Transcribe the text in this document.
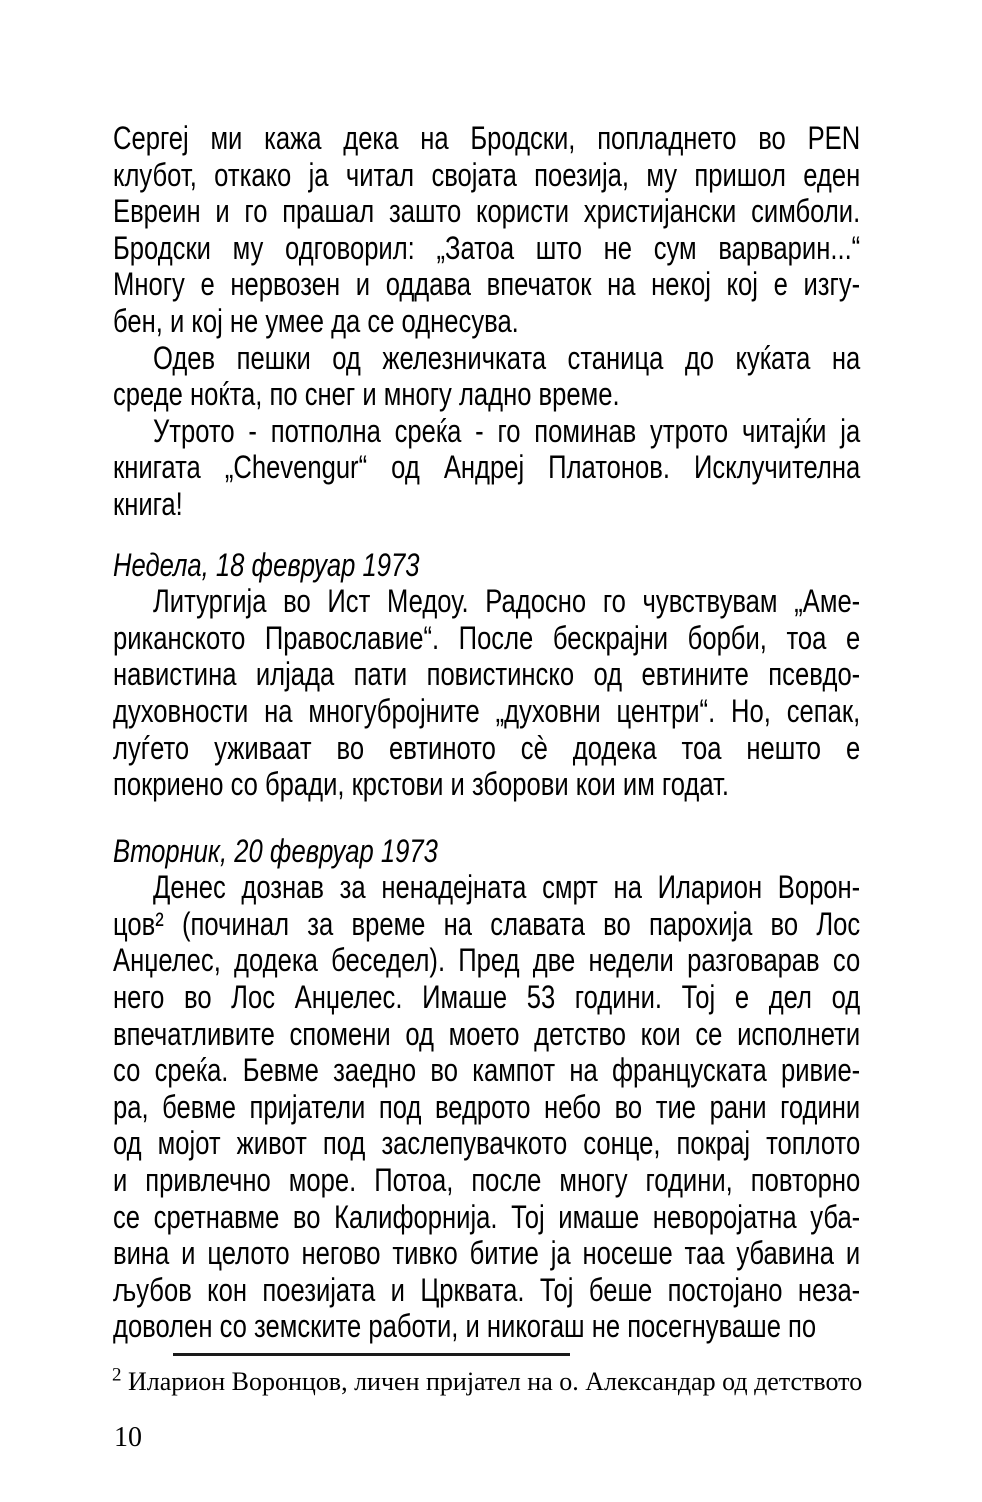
Сергеј ми кажа дека на Бродски, попладнето во PEN
клубот, откако ја читал својата поезија, му пришол еден
Евреин и го прашал зашто користи христијански симболи.
Бродски му одговорил: „Затоа што не сум варварин...“
Многу е нервозен и оддава впечаток на некој кој е изгу-
бен, и кој не умее да се однесува.
Одев пешки од железничката станица до куќата на
среде ноќта, по снег и многу ладно време.
Утрото - потполна среќа - го поминав утрото читајќи ја
книгата „Chevengur“ од Андреј Платонов. Исклучителна
книга!
Недела, 18 февруар 1973
Литургија во Ист Медоу. Радосно го чувствувам „Аме-
риканското Православие“. После бескрајни борби, тоа е
навистина илјада пати повистинско од евтините псевдо-
духовности на многубројните „духовни центри“. Но, сепак,
луѓето уживаат во евтиното сè додека тоа нешто е
покриено со бради, крстови и зборови кои им годат.
Вторник, 20 февруар 1973
Денес дознав за ненадејната смрт на Иларион Ворон-
цов² (починал за време на славата во парохија во Лос
Анџелес, додека беседел). Пред две недели разговарав со
него во Лос Анџелес. Имаше 53 години. Тој е дел од
впечатливите спомени од моето детство кои се исполнети
со среќа. Бевме заедно во кампот на француската ривие-
ра, бевме пријатели под ведрото небо во тие рани години
од мојот живот под заслепувачкото сонце, покрај топлото
и привлечно море. Потоа, после многу години, повторно
се сретнавме во Калифорнија. Тој имаше неворојатна уба-
вина и целото негово тивко битие ја носеше таа убавина и
љубов кон поезијата и Црквата. Тој беше постојано неза-
доволен со земските работи, и никогаш не посегнуваше по
$^2$ Иларион Воронцов, личен пријател на о. Александар од детството
10
